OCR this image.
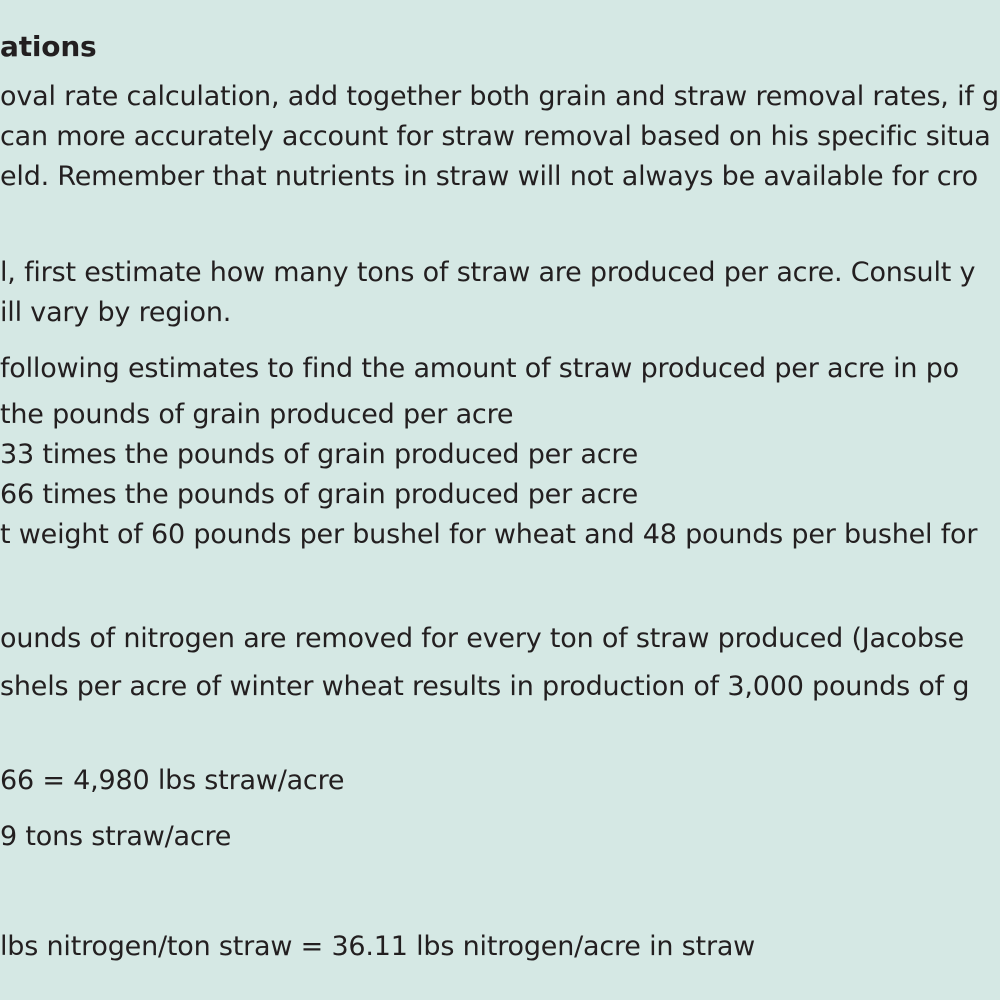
ations
oval rate calculation, add together both grain and straw removal rates, if g
can more accurately account for straw removal based on his specific situa
eld. Remember that nutrients in straw will not always be available for cro
l, first estimate how many tons of straw are produced per acre. Consult y
ill vary by region.
following estimates to find the amount of straw produced per acre in po
the pounds of grain produced per acre
33 times the pounds of grain produced per acre
66 times the pounds of grain produced per acre
t weight of 60 pounds per bushel for wheat and 48 pounds per bushel for
ounds of nitrogen are removed for every ton of straw produced (Jacobse
shels per acre of winter wheat results in production of 3,000 pounds of g
66 = 4,980 lbs straw/acre
9 tons straw/acre
lbs nitrogen/ton straw = 36.11 lbs nitrogen/acre in straw
